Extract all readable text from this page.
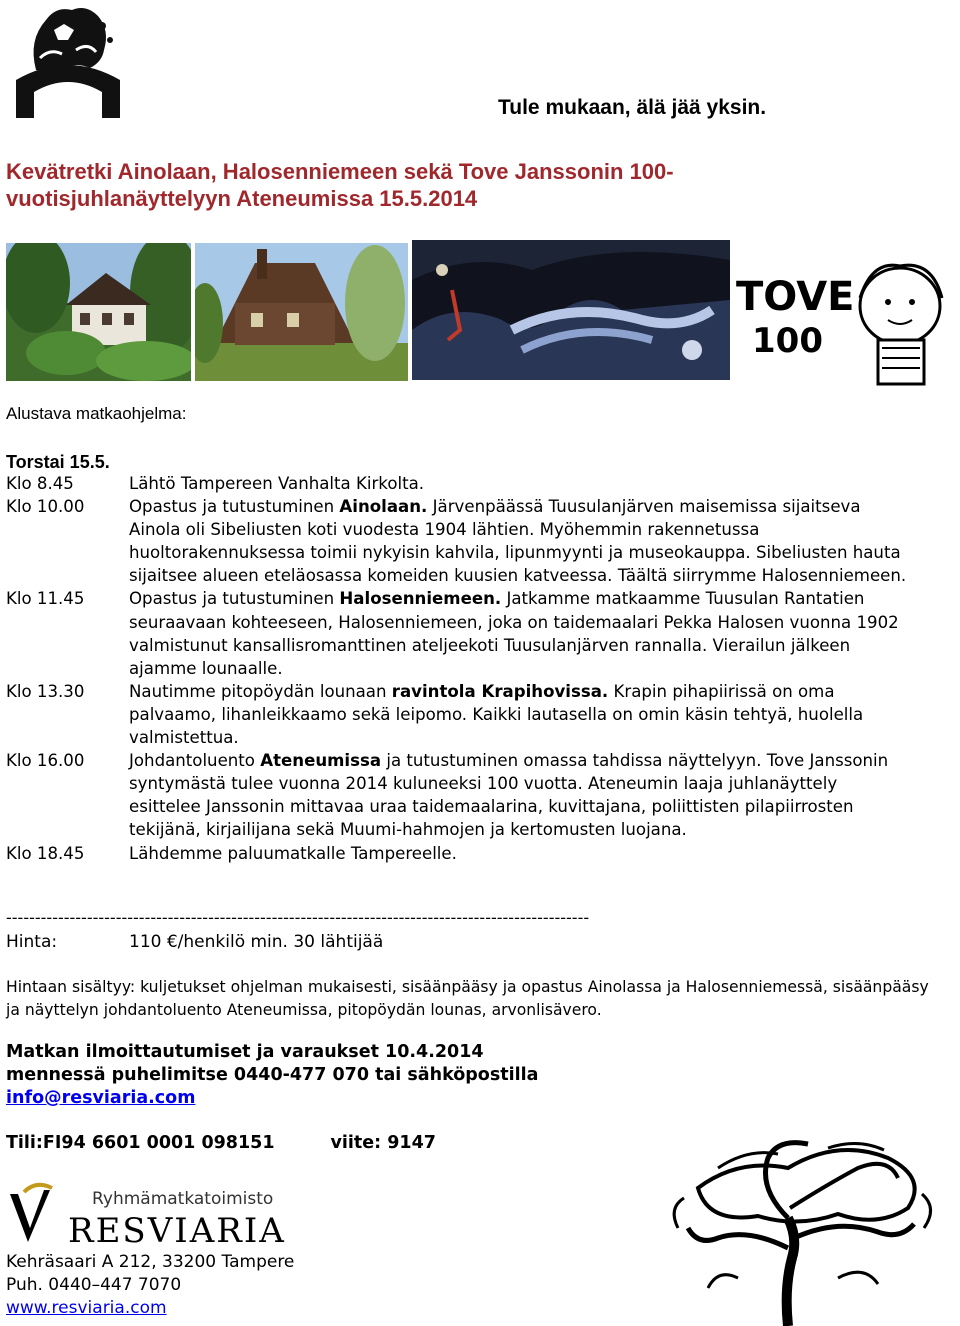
Tule mukaan, älä jää yksin.
Kevätretki Ainolaan, Halosenniemeen sekä Tove Janssonin 100-
vuotisjuhlanäyttelyyn Ateneumissa 15.5.2014
TOVE
100
Alustava matkaohjelma:
Torstai 15.5.
Klo 8.45	Lähtö Tampereen Vanhalta Kirkolta.
Klo 10.00	Opastus ja tutustuminen Ainolaan. Järvenpäässä Tuusulanjärven maisemissa sijaitseva Ainola oli Sibeliusten koti vuodesta 1904 lähtien. Myöhemmin rakennetussa huoltorakennuksessa toimii nykyisin kahvila, lipunmyynti ja museokauppa. Sibeliusten hauta sijaitsee alueen eteläosassa komeiden kuusien katveessa. Täältä siirrymme Halosenniemeen.
Klo 11.45	Opastus ja tutustuminen Halosenniemeen. Jatkamme matkaamme Tuusulan Rantatien seuraavaan kohteeseen, Halosenniemeen, joka on taidemaalari Pekka Halosen vuonna 1902 valmistunut kansallisromanttinen ateljeekoti Tuusulanjärven rannalla. Vierailun jälkeen ajamme lounaalle.
Klo 13.30	Nautimme pitopöydän lounaan ravintola Krapihovissa. Krapin pihapiirissä on oma palvaamo, lihanleikkaamo sekä leipomo. Kaikki lautasella on omin käsin tehtyä, huolella valmistettua.
Klo 16.00	Johdantoluento Ateneumissa ja tutustuminen omassa tahdissa näyttelyyn. Tove Janssonin syntymästä tulee vuonna 2014 kuluneeksi 100 vuotta. Ateneumin laaja juhlanäyttely esittelee Janssonin mittavaa uraa taidemaalarina, kuvittajana, poliittisten pilapiirrosten tekijänä, kirjailijana sekä Muumi-hahmojen ja kertomusten luojana.
Klo 18.45	Lähdemme paluumatkalle Tampereelle.
-----------------------------------------------------------------------------------------------------
Hinta:	110 €/henkilö min. 30 lähtijää
Hintaan sisältyy: kuljetukset ohjelman mukaisesti, sisäänpääsy ja opastus Ainolassa ja Halosenniemessä, sisäänpääsy ja näyttelyn johdantoluento Ateneumissa, pitopöydän lounas, arvonlisävero.
Matkan ilmoittautumiset ja varaukset 10.4.2014
mennessä puhelimitse 0440-477 070 tai sähköpostilla
info@resviaria.com
Tili:FI94 6601 0001 098151	viite: 9147
Ryhmämatkatoimisto
RESVIARIA
Kehräsaari A 212, 33200 Tampere
Puh. 0440–447 7070
www.resviaria.com
